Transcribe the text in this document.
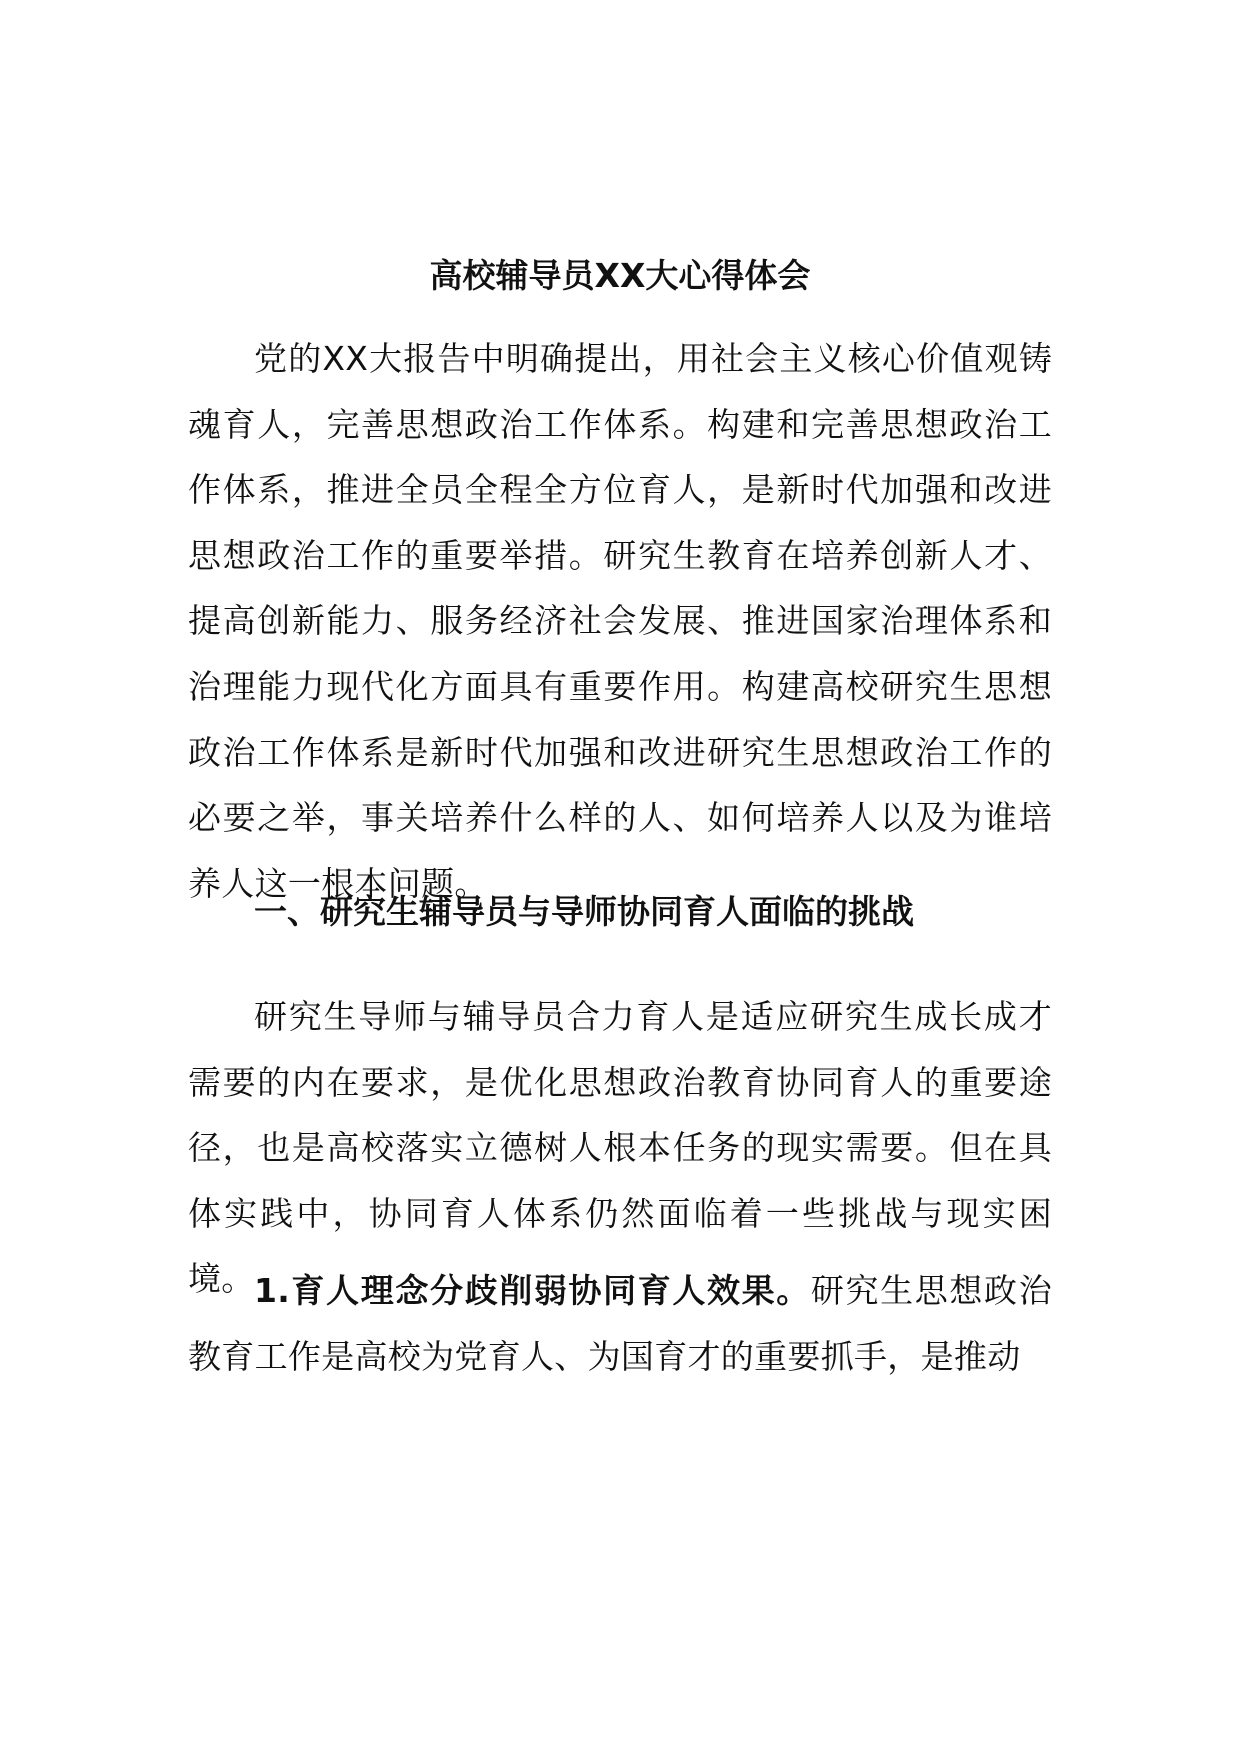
高校辅导员XX大心得体会

党的XX大报告中明确提出，用社会主义核心价值观铸魂育人，完善思想政治工作体系。构建和完善思想政治工作体系，推进全员全程全方位育人，是新时代加强和改进思想政治工作的重要举措。研究生教育在培养创新人才、提高创新能力、服务经济社会发展、推进国家治理体系和治理能力现代化方面具有重要作用。构建高校研究生思想政治工作体系是新时代加强和改进研究生思想政治工作的必要之举，事关培养什么样的人、如何培养人以及为谁培养人这一根本问题。

一、研究生辅导员与导师协同育人面临的挑战

研究生导师与辅导员合力育人是适应研究生成长成才需要的内在要求，是优化思想政治教育协同育人的重要途径，也是高校落实立德树人根本任务的现实需要。但在具体实践中，协同育人体系仍然面临着一些挑战与现实困境。 1.育人理念分歧削弱协同育人效果。研究生思想政治教育工作是高校为党育人、为国育才的重要抓手，是推动
